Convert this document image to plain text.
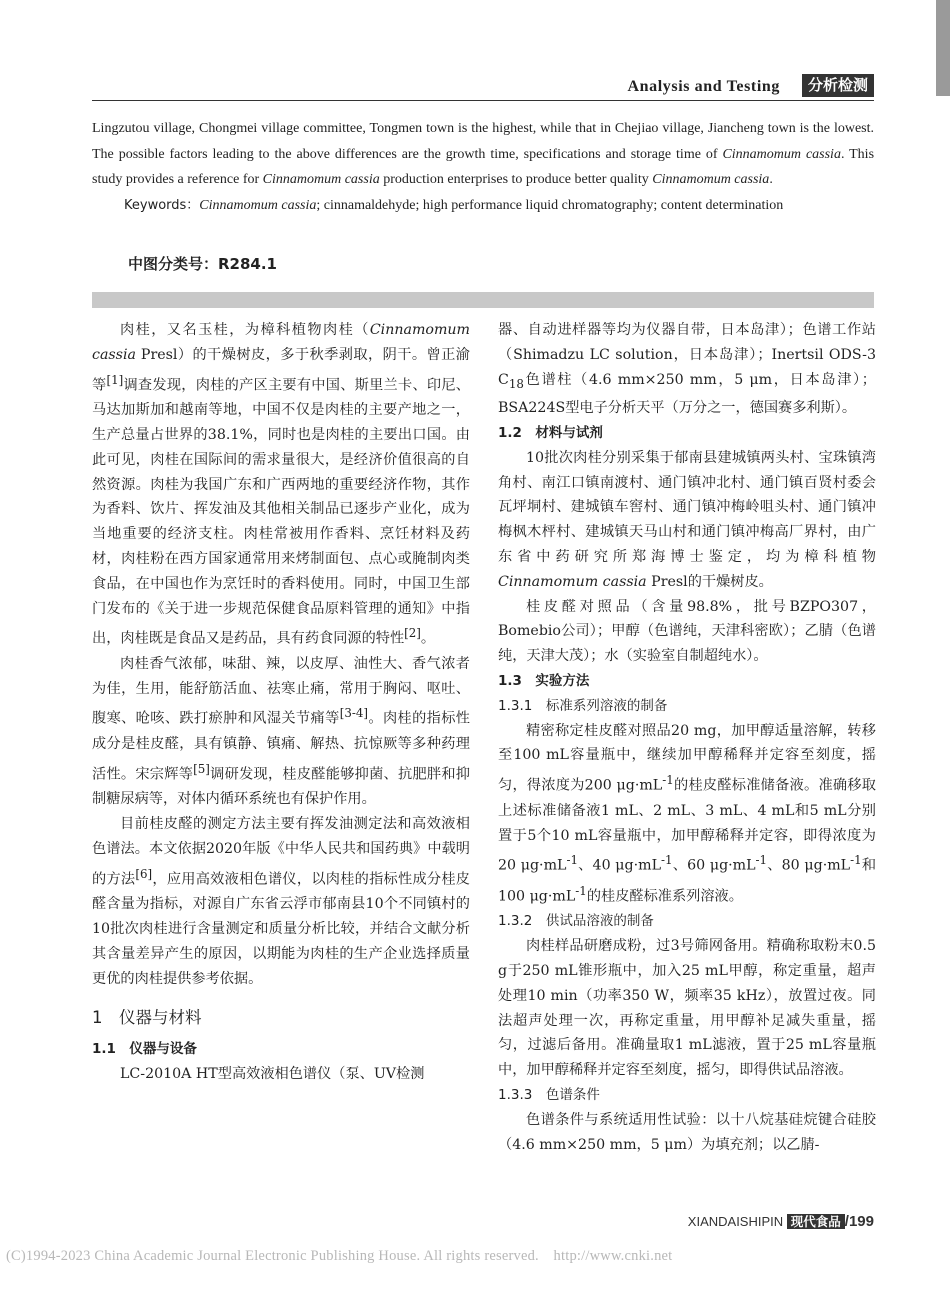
Analysis and Testing	分析检测

Lingzutou village, Chongmei village committee, Tongmen town is the highest, while that in Chejiao village, Jiancheng town is the lowest. The possible factors leading to the above differences are the growth time, specifications and storage time of Cinnamomum cassia. This study provides a reference for Cinnamomum cassia production enterprises to produce better quality Cinnamomum cassia.

Keywords：Cinnamomum cassia; cinnamaldehyde; high performance liquid chromatography; content determination

中图分类号：R284.1

肉桂，又名玉桂，为樟科植物肉桂（Cinnamomum cassia Presl）的干燥树皮，多于秋季剥取，阴干。曾正渝等[1]调查发现，肉桂的产区主要有中国、斯里兰卡、印尼、马达加斯加和越南等地，中国不仅是肉桂的主要产地之一，生产总量占世界的38.1%，同时也是肉桂的主要出口国。由此可见，肉桂在国际间的需求量很大，是经济价值很高的自然资源。肉桂为我国广东和广西两地的重要经济作物，其作为香料、饮片、挥发油及其他相关制品已逐步产业化，成为当地重要的经济支柱。肉桂常被用作香料、烹饪材料及药材，肉桂粉在西方国家通常用来烤制面包、点心或腌制肉类食品，在中国也作为烹饪时的香料使用。同时，中国卫生部门发布的《关于进一步规范保健食品原料管理的通知》中指出，肉桂既是食品又是药品，具有药食同源的特性[2]。

肉桂香气浓郁，味甜、辣，以皮厚、油性大、香气浓者为佳，生用，能舒筋活血、祛寒止痛，常用于胸闷、呕吐、腹寒、呛咳、跌打瘀肿和风湿关节痛等[3-4]。肉桂的指标性成分是桂皮醛，具有镇静、镇痛、解热、抗惊厥等多种药理活性。宋宗辉等[5]调研发现，桂皮醛能够抑菌、抗肥胖和抑制糖尿病等，对体内循环系统也有保护作用。

目前桂皮醛的测定方法主要有挥发油测定法和高效液相色谱法。本文依据2020年版《中华人民共和国药典》中载明的方法[6]，应用高效液相色谱仪，以肉桂的指标性成分桂皮醛含量为指标，对源自广东省云浮市郁南县10个不同镇村的10批次肉桂进行含量测定和质量分析比较，并结合文献分析其含量差异产生的原因，以期能为肉桂的生产企业选择质量更优的肉桂提供参考依据。

1　仪器与材料

1.1　仪器与设备

LC-2010A HT型高效液相色谱仪（泵、UV检测

器、自动进样器等均为仪器自带，日本岛津）；色谱工作站（Shimadzu LC solution，日本岛津）；Inertsil ODS-3 $C_{18}$色谱柱（4.6 mm×250 mm，5 μm，日本岛津）；BSA224S型电子分析天平（万分之一，德国赛多利斯）。

1.2　材料与试剂

10批次肉桂分别采集于郁南县建城镇两头村、宝珠镇湾角村、南江口镇南渡村、通门镇冲北村、通门镇百贤村委会瓦坪垌村、建城镇车窖村、通门镇冲梅岭咀头村、通门镇冲梅枫木枰村、建城镇天马山村和通门镇冲梅高厂界村，由广东省中药研究所郑海博士鉴定，均为樟科植物Cinnamomum cassia Presl的干燥树皮。

桂皮醛对照品（含量98.8%，批号BZPO307，Bomebio公司）；甲醇（色谱纯，天津科密欧）；乙腈（色谱纯，天津大茂）；水（实验室自制超纯水）。

1.3　实验方法

1.3.1　标准系列溶液的制备

精密称定桂皮醛对照品20 mg，加甲醇适量溶解，转移至100 mL容量瓶中，继续加甲醇稀释并定容至刻度，摇匀，得浓度为200 $\mu g\cdot mL^{-1}$的桂皮醛标准储备液。准确移取上述标准储备液1 mL、2 mL、3 mL、4 mL和5 mL分别置于5个10 mL容量瓶中，加甲醇稀释并定容，即得浓度为20 $\mu g\cdot mL^{-1}$、40 $\mu g\cdot mL^{-1}$、60 $\mu g\cdot mL^{-1}$、80 $\mu g\cdot mL^{-1}$和100 $\mu g\cdot mL^{-1}$的桂皮醛标准系列溶液。

1.3.2　供试品溶液的制备

肉桂样品研磨成粉，过3号筛网备用。精确称取粉末0.5 g于250 mL锥形瓶中，加入25 mL甲醇，称定重量，超声处理10 min（功率350 W，频率35 kHz），放置过夜。同法超声处理一次，再称定重量，用甲醇补足减失重量，摇匀，过滤后备用。准确量取1 mL滤液，置于25 mL容量瓶中，加甲醇稀释并定容至刻度，摇匀，即得供试品溶液。

1.3.3　色谱条件

色谱条件与系统适用性试验：以十八烷基硅烷键合硅胶（4.6 mm×250 mm，5 μm）为填充剂；以乙腈-

XIANDAISHIPIN 现代食品 /199
(C)1994-2023 China Academic Journal Electronic Publishing House. All rights reserved.　http://www.cnki.net
